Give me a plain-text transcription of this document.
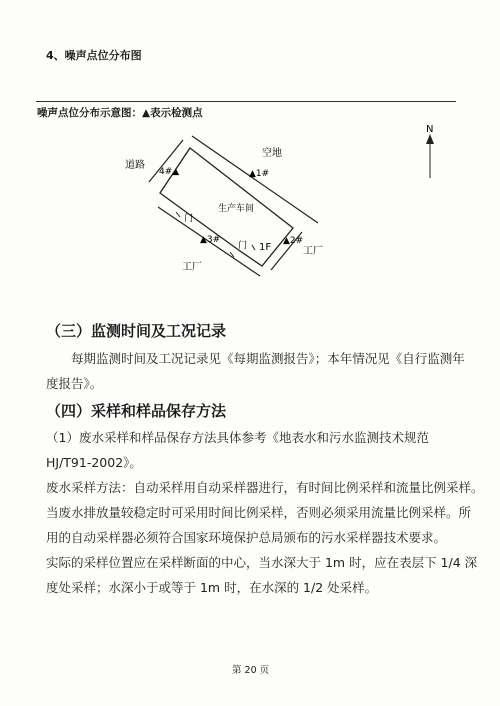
4、噪声点位分布图
噪声点位分布示意图：▲表示检测点
空地
道路
生产车间
工厂
工厂
1F
门
门
N
▲1#
▲2#
▲3#
4#▲
（三）监测时间及工况记录
每期监测时间及工况记录见《每期监测报告》；本年情况见《自行监测年
度报告》。
（四）采样和样品保存方法
（1）废水采样和样品保存方法具体参考《地表水和污水监测技术规范
HJ/T91-2002》。
废水采样方法：自动采样用自动采样器进行，有时间比例采样和流量比例采样。
当废水排放量较稳定时可采用时间比例采样，否则必须采用流量比例采样。所
用的自动采样器必须符合国家环境保护总局颁布的污水采样器技术要求。
实际的采样位置应在采样断面的中心，当水深大于 1m 时，应在表层下 1/4 深
度处采样；水深小于或等于 1m 时，在水深的 1/2 处采样。
第 20 页
